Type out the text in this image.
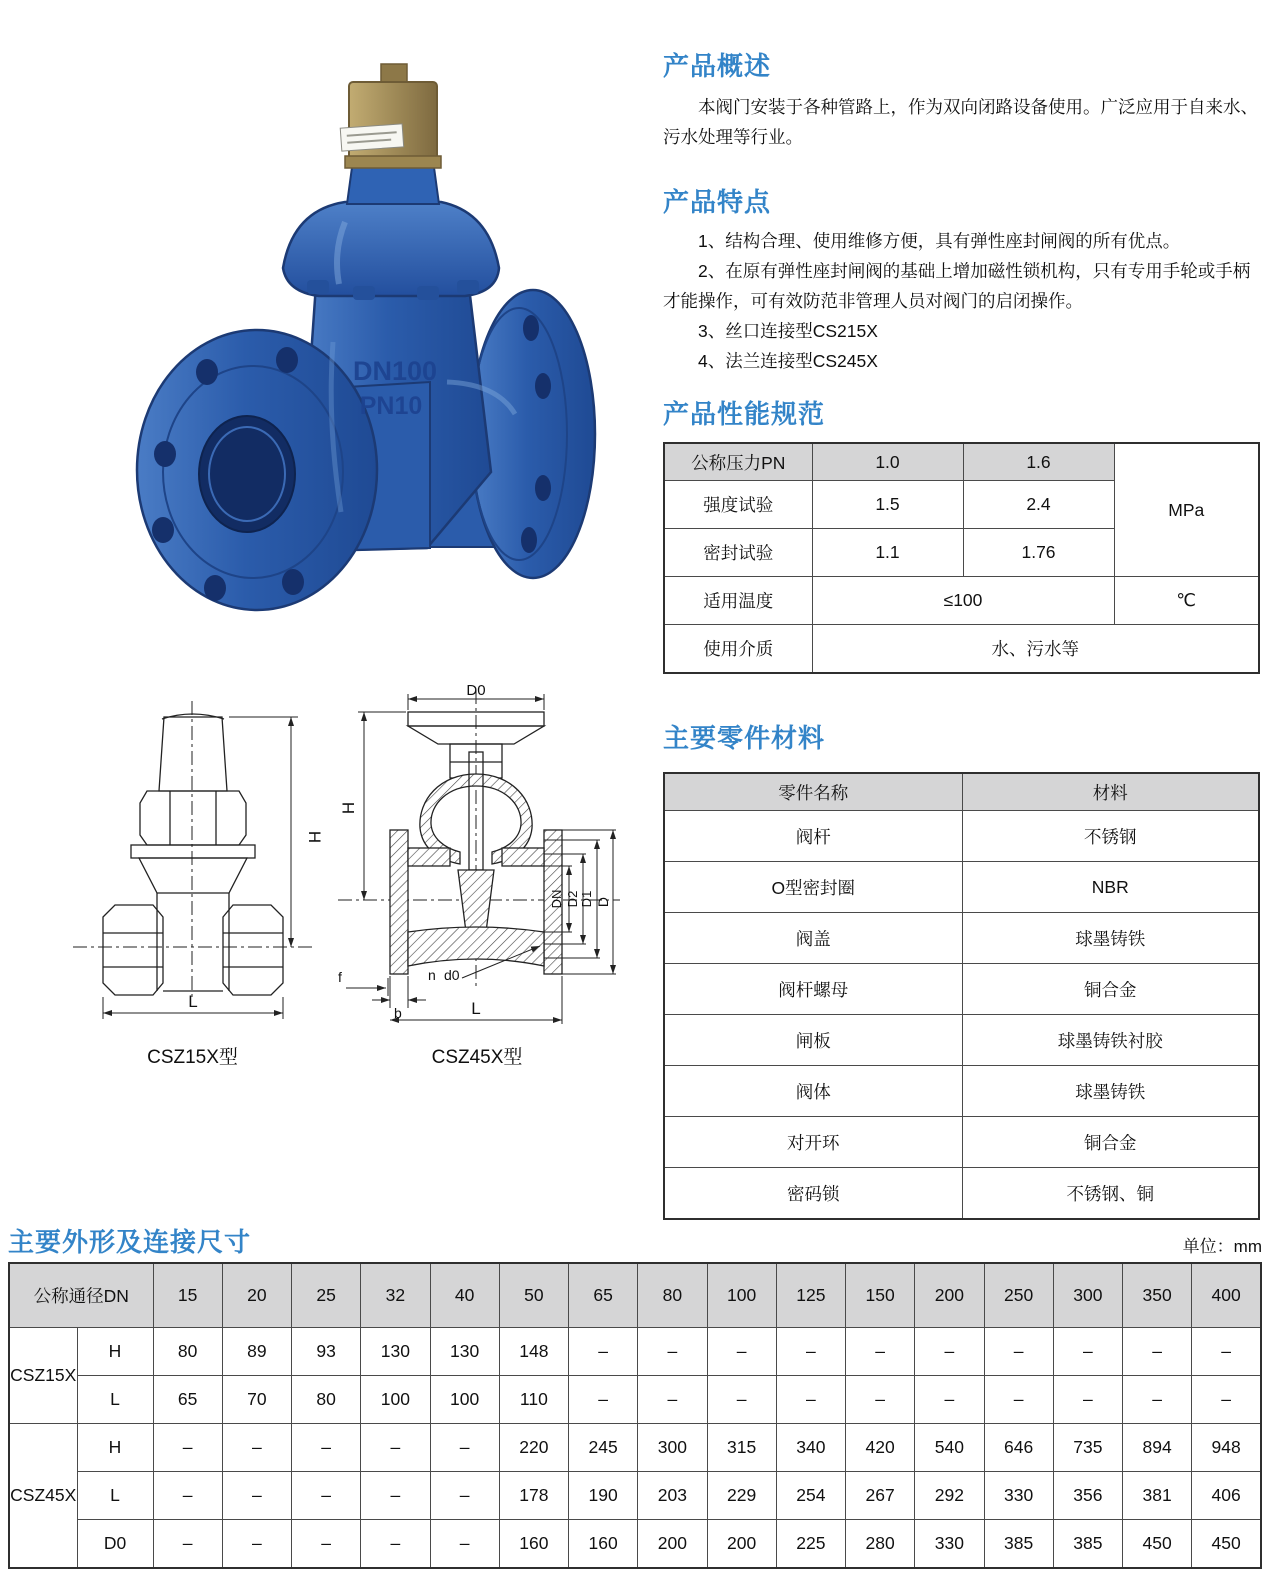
DN100
PN10
产品概述

本阀门安装于各种管路上，作为双向闭路设备使用。广泛应用于自来水、污水处理等行业。

产品特点

1、结构合理、使用维修方便，具有弹性座封闸阀的所有优点。

2、在原有弹性座封闸阀的基础上增加磁性锁机构，只有专用手轮或手柄才能操作，可有效防范非管理人员对阀门的启闭操作。

3、丝口连接型CS215X

4、法兰连接型CS245X

产品性能规范
公称压力PN	1.0	1.6	MPa
强度试验	1.5	2.4	
密封试验	1.1	1.76	
适用温度	≤100		℃
使用介质	水、污水等		
H
L
D0
H
DN D2 D1 D
n d0
f
b	L
CSZ15X型	CSZ45X型
主要零件材料
零件名称	材料
阀杆	不锈钢
O型密封圈	NBR
阀盖	球墨铸铁
阀杆螺母	铜合金
闸板	球墨铸铁衬胶
阀体	球墨铸铁
对开环	铜合金
密码锁	不锈钢、铜
主要外形及连接尺寸	单位：mm
公称通径DN		15	20	25	32	40	50	65	80	100	125	150	200	250	300	350	400
CSZ15X	H	80	89	93	130	130	148	–	–	–	–	–	–	–	–	–	–
	L	65	70	80	100	100	110	–	–	–	–	–	–	–	–	–	–
CSZ45X	H	–	–	–	–	–	220	245	300	315	340	420	540	646	735	894	948
	L	–	–	–	–	–	178	190	203	229	254	267	292	330	356	381	406
	D0	–	–	–	–	–	160	160	200	200	225	280	330	385	385	450	450
